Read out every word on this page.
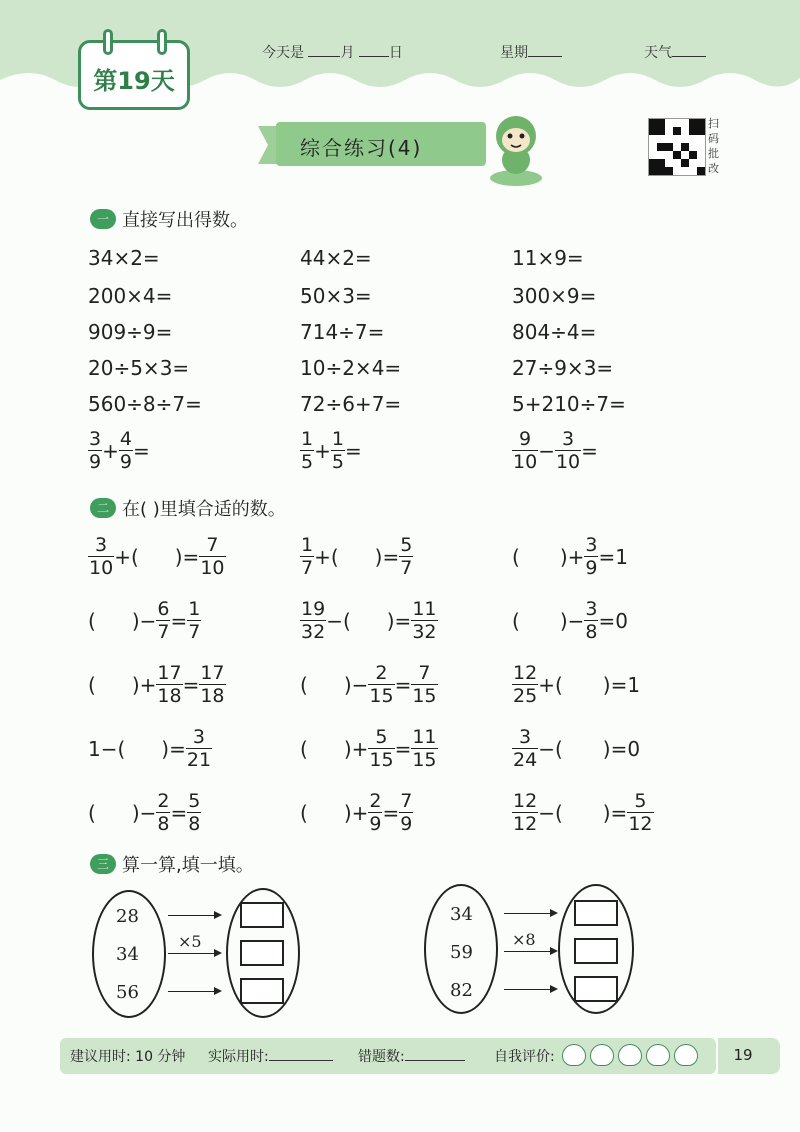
第19天
今天是	月 日	星期	天气
综合练习(4)
扫
码
批
改
一 直接写出得数。
34×2=	44×2=	11×9=
200×4=	50×3=	300×9=
909÷9=	714÷7=	804÷4=
20÷5×3=	10÷2×4=	27÷9×3=
560÷8÷7=	72÷6+7=	5+210÷7=
$\frac{3}{9} + \frac{4}{9}$ =	$\frac{1}{5} + \frac{1}{5}$ =	$\frac{9}{10} - \frac{3}{10}$ =
二 在( )里填合适的数。
$\frac{3}{10}$ +( )= $\frac{7}{10}$	$\frac{1}{7}$ +( )= $\frac{5}{7}$	( )+ $\frac{3}{9} =1$
( )− $\frac{6}{7} = \frac{1}{7}$	$\frac{19}{32}$ −( )= $\frac{11}{32}$	( )− $\frac{3}{8} =0$
( )+ $\frac{17}{18} = \frac{17}{18}$	( )− $\frac{2}{15} = \frac{7}{15}$	$\frac{12}{25}$ +( ) =1
1−( )= $\frac{3}{21}$	( )+ $\frac{5}{15} = \frac{11}{15}$	$\frac{3}{24}$ −( ) =0
( )− $\frac{2}{8} = \frac{5}{8}$	( )+ $\frac{2}{9} = \frac{7}{9}$	$\frac{12}{12}$ −( )= $\frac{5}{12}$
三 算一算,填一填。
28
34
56
×5
34
59
82
×8
建议用时: 10 分钟 实际用时:	错题数:	自我评价:	19
